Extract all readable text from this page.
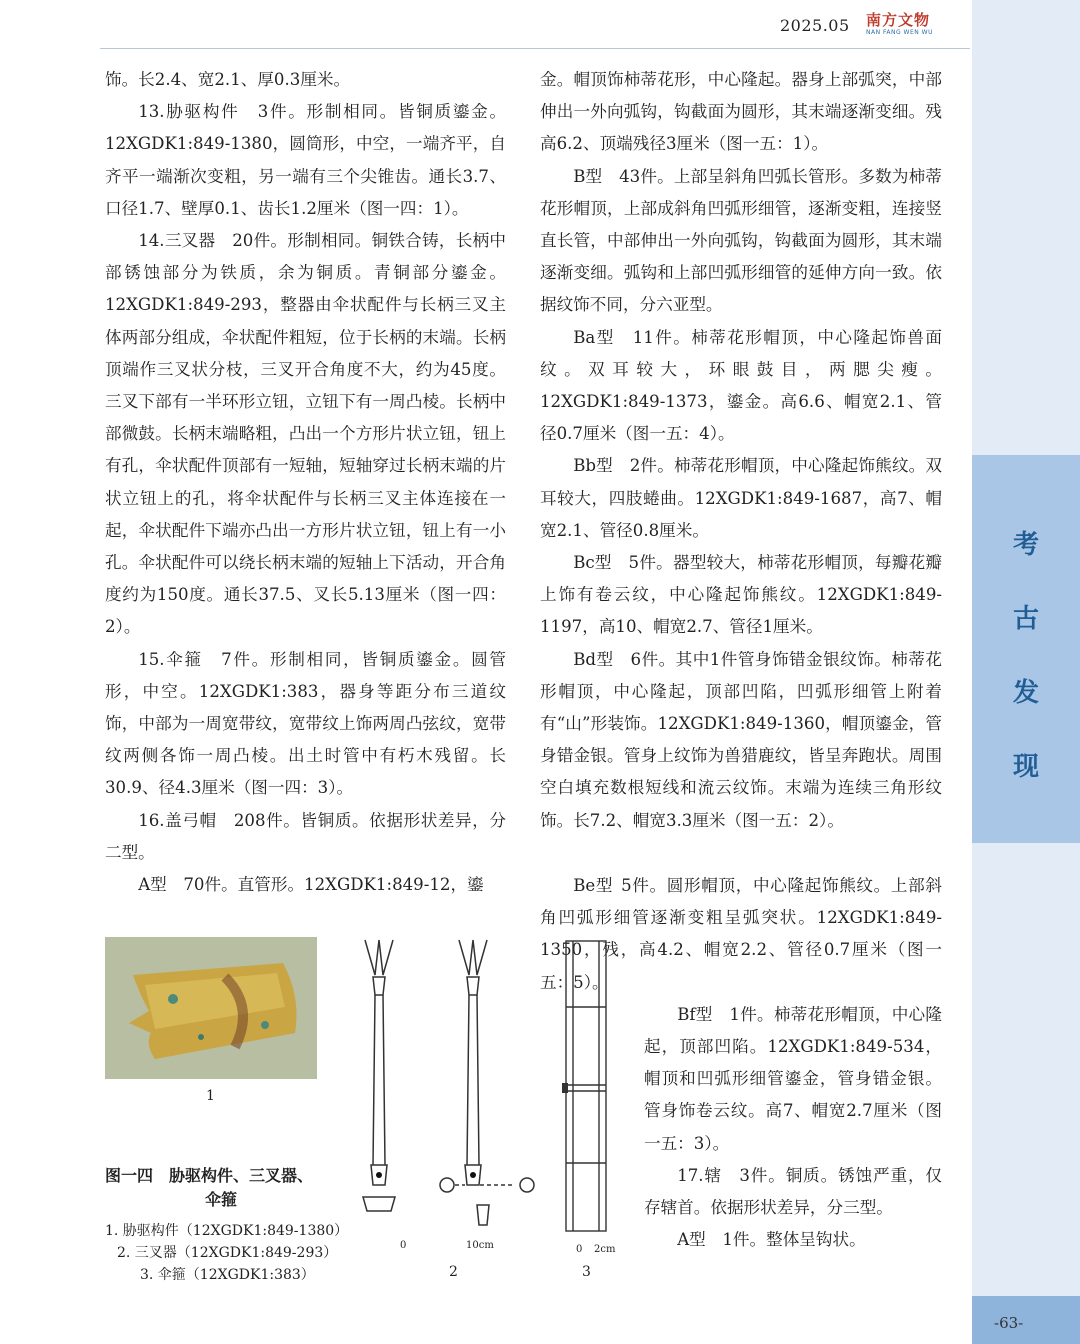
2025.05 南方文物
NAN FANG WEN WU
考
古
发
现
-63-

饰。长2.4、宽2.1、厚0.3厘米。

13.胁驱构件　3件。形制相同。皆铜质鎏金。12XGDK1:849-1380，圆筒形，中空，一端齐平，自齐平一端渐次变粗，另一端有三个尖锥齿。通长3.7、口径1.7、壁厚0.1、齿长1.2厘米（图一四：1）。

14.三叉器　20件。形制相同。铜铁合铸，长柄中部锈蚀部分为铁质，余为铜质。青铜部分鎏金。12XGDK1:849-293，整器由伞状配件与长柄三叉主体两部分组成，伞状配件粗短，位于长柄的末端。长柄顶端作三叉状分枝，三叉开合角度不大，约为45度。三叉下部有一半环形立钮，立钮下有一周凸棱。长柄中部微鼓。长柄末端略粗，凸出一个方形片状立钮，钮上有孔，伞状配件顶部有一短轴，短轴穿过长柄末端的片状立钮上的孔，将伞状配件与长柄三叉主体连接在一起，伞状配件下端亦凸出一方形片状立钮，钮上有一小孔。伞状配件可以绕长柄末端的短轴上下活动，开合角度约为150度。通长37.5、叉长5.13厘米（图一四：2）。

15.伞箍　7件。形制相同，皆铜质鎏金。圆管形，中空。12XGDK1:383，器身等距分布三道纹饰，中部为一周宽带纹，宽带纹上饰两周凸弦纹，宽带纹两侧各饰一周凸棱。出土时管中有朽木残留。长30.9、径4.3厘米（图一四：3）。

16.盖弓帽　208件。皆铜质。依据形状差异，分二型。

A型　70件。直管形。12XGDK1:849-12，鎏

金。帽顶饰柿蒂花形，中心隆起。器身上部弧突，中部伸出一外向弧钩，钩截面为圆形，其末端逐渐变细。残高6.2、顶端残径3厘米（图一五：1）。

B型　43件。上部呈斜角凹弧长管形。多数为柿蒂花形帽顶，上部成斜角凹弧形细管，逐渐变粗，连接竖直长管，中部伸出一外向弧钩，钩截面为圆形，其末端逐渐变细。弧钩和上部凹弧形细管的延伸方向一致。依据纹饰不同，分六亚型。

Ba型　11件。柿蒂花形帽顶，中心隆起饰兽面纹。双耳较大，环眼鼓目，两腮尖瘦。12XGDK1:849-1373，鎏金。高6.6、帽宽2.1、管径0.7厘米（图一五：4）。

Bb型　2件。柿蒂花形帽顶，中心隆起饰熊纹。双耳较大，四肢蜷曲。12XGDK1:849-1687，高7、帽宽2.1、管径0.8厘米。

Bc型　5件。器型较大，柿蒂花形帽顶，每瓣花瓣上饰有卷云纹，中心隆起饰熊纹。12XGDK1:849-1197，高10、帽宽2.7、管径1厘米。

Bd型　6件。其中1件管身饰错金银纹饰。柿蒂花形帽顶，中心隆起，顶部凹陷，凹弧形细管上附着有“山”形装饰。12XGDK1:849-1360，帽顶鎏金，管身错金银。管身上纹饰为兽猎鹿纹，皆呈奔跑状。周围空白填充数根短线和流云纹饰。末端为连续三角形纹饰。长7.2、帽宽3.3厘米（图一五：2）。

Be型 5件。圆形帽顶，中心隆起饰熊纹。上部斜角凹弧形细管逐渐变粗呈弧突状。12XGDK1:849-1350，残，高4.2、帽宽2.2、管径0.7厘米（图一五：5）。

Bf型　1件。柿蒂花形帽顶，中心隆起，顶部凹陷。12XGDK1:849-534，帽顶和凹弧形细管鎏金，管身错金银。管身饰卷云纹。高7、帽宽2.7厘米（图一五：3）。

17.辖　3件。铜质。锈蚀严重，仅存辖首。依据形状差异，分三型。

A型　1件。整体呈钩状。

1
0	10cm
2
0 2cm
3
图一四　胁驱构件、三叉器、
伞箍
1. 胁驱构件（12XGDK1:849-1380）
2. 三叉器（12XGDK1:849-293）
3. 伞箍（12XGDK1:383）
